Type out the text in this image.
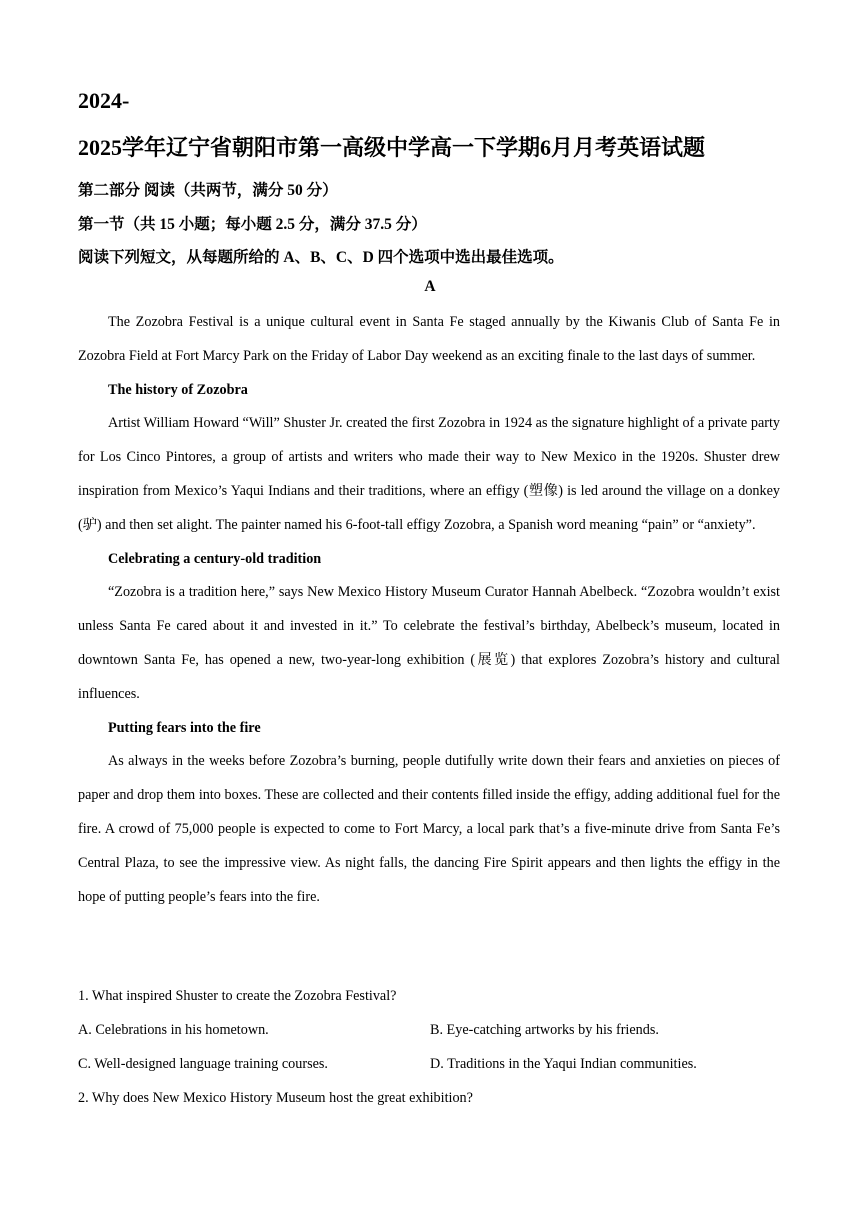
2024-
2025学年辽宁省朝阳市第一高级中学高一下学期6月月考英语试题
第二部分 阅读（共两节，满分 50 分）
第一节（共 15 小题；每小题 2.5 分，满分 37.5 分）
阅读下列短文，从每题所给的 A、B、C、D 四个选项中选出最佳选项。
A

The Zozobra Festival is a unique cultural event in Santa Fe staged annually by the Kiwanis Club of Santa Fe in Zozobra Field at Fort Marcy Park on the Friday of Labor Day weekend as an exciting finale to the last days of summer.

The history of Zozobra

Artist William Howard “Will” Shuster Jr. created the first Zozobra in 1924 as the signature highlight of a private party for Los Cinco Pintores, a group of artists and writers who made their way to New Mexico in the 1920s. Shuster drew inspiration from Mexico’s Yaqui Indians and their traditions, where an effigy (塑像) is led around the village on a donkey (驴) and then set alight. The painter named his 6-foot-tall effigy Zozobra, a Spanish word meaning “pain” or “anxiety”.

Celebrating a century-old tradition

“Zozobra is a tradition here,” says New Mexico History Museum Curator Hannah Abelbeck. “Zozobra wouldn’t exist unless Santa Fe cared about it and invested in it.” To celebrate the festival’s birthday, Abelbeck’s museum, located in downtown Santa Fe, has opened a new, two-year-long exhibition (展览) that explores Zozobra’s history and cultural influences.

Putting fears into the fire

As always in the weeks before Zozobra’s burning, people dutifully write down their fears and anxieties on pieces of paper and drop them into boxes. These are collected and their contents filled inside the effigy, adding additional fuel for the fire. A crowd of 75,000 people is expected to come to Fort Marcy, a local park that’s a five-minute drive from Santa Fe’s Central Plaza, to see the impressive view. As night falls, the dancing Fire Spirit appears and then lights the effigy in the hope of putting people’s fears into the fire.

1. What inspired Shuster to create the Zozobra Festival?
A. Celebrations in his hometown.	B. Eye-catching artworks by his friends.
C. Well-designed language training courses.	D. Traditions in the Yaqui Indian communities.
2. Why does New Mexico History Museum host the great exhibition?
